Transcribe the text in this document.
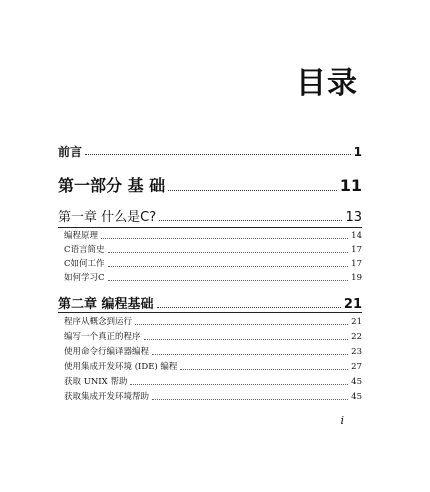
目录
前言	1
第一部分 基 础	11
第一章 什么是C?	13
编程原理	14
C语言简史	17
C如何工作	17
如何学习C	19
第二章 编程基础	21
程序从概念到运行	21
编写一个真正的程序	22
使用命令行编译器编程	23
使用集成开发环境 (IDE) 编程	27
获取 UNIX 帮助	45
获取集成开发环境帮助	45
i
